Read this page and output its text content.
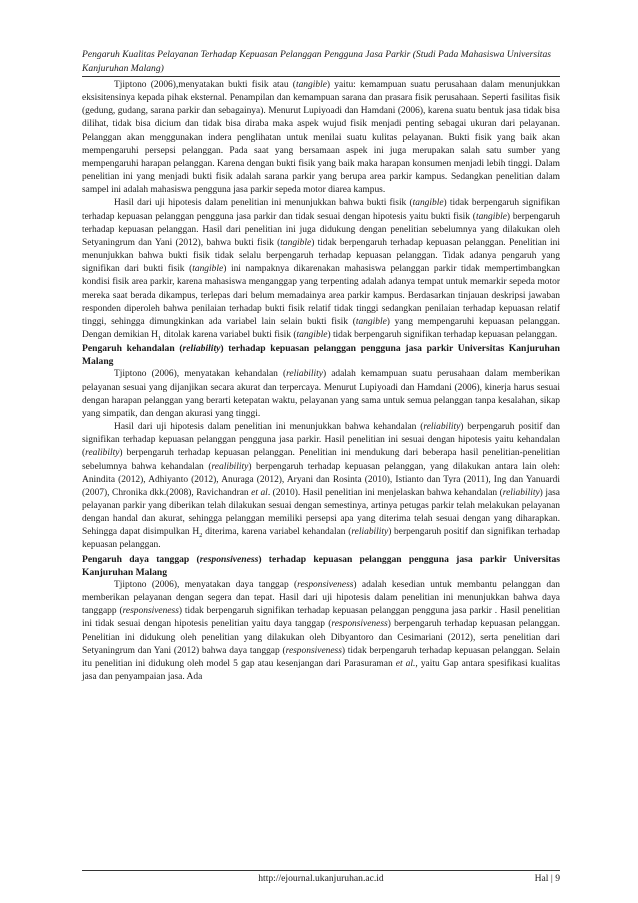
Pengaruh Kualitas Pelayanan Terhadap Kepuasan Pelanggan Pengguna Jasa Parkir (Studi Pada Mahasiswa Universitas Kanjuruhan Malang)

Tjiptono (2006),menyatakan bukti fisik atau (tangible) yaitu: kemampuan suatu perusahaan dalam menunjukkan eksisitensinya kepada pihak eksternal. Penampilan dan kemampuan sarana dan prasara fisik perusahaan. Seperti fasilitas fisik (gedung, gudang, sarana parkir dan sebagainya). Menurut Lupiyoadi dan Hamdani (2006), karena suatu bentuk jasa tidak bisa dilihat, tidak bisa dicium dan tidak bisa diraba maka aspek wujud fisik menjadi penting sebagai ukuran dari pelayanan. Pelanggan akan menggunakan indera penglihatan untuk menilai suatu kulitas pelayanan. Bukti fisik yang baik akan mempengaruhi persepsi pelanggan. Pada saat yang bersamaan aspek ini juga merupakan salah satu sumber yang mempengaruhi harapan pelanggan. Karena dengan bukti fisik yang baik maka harapan konsumen menjadi lebih tinggi. Dalam penelitian ini yang menjadi bukti fisik adalah sarana parkir yang berupa area parkir kampus. Sedangkan penelitian dalam sampel ini adalah mahasiswa pengguna jasa parkir sepeda motor diarea kampus.

Hasil dari uji hipotesis dalam penelitian ini menunjukkan bahwa bukti fisik (tangible) tidak berpengaruh signifikan terhadap kepuasan pelanggan pengguna jasa parkir dan tidak sesuai dengan hipotesis yaitu bukti fisik (tangible) berpengaruh terhadap kepuasan pelanggan. Hasil dari penelitian ini juga didukung dengan penelitian sebelumnya yang dilakukan oleh Setyaningrum dan Yani (2012), bahwa bukti fisik (tangible) tidak berpengaruh terhadap kepuasan pelanggan. Penelitian ini menunjukkan bahwa bukti fisik tidak selalu berpengaruh terhadap kepuasan pelanggan. Tidak adanya pengaruh yang signifikan dari bukti fisik (tangible) ini nampaknya dikarenakan mahasiswa pelanggan parkir tidak mempertimbangkan kondisi fisik area parkir, karena mahasiswa menganggap yang terpenting adalah adanya tempat untuk memarkir sepeda motor mereka saat berada dikampus, terlepas dari belum memadainya area parkir kampus. Berdasarkan tinjauan deskripsi jawaban responden diperoleh bahwa penilaian terhadap bukti fisik relatif tidak tinggi sedangkan penilaian terhadap kepuasan relatif tinggi, sehingga dimungkinkan ada variabel lain selain bukti fisik (tangible) yang mempengaruhi kepuasan pelanggan. Dengan demikian $H_1$ ditolak karena variabel bukti fisik (tangible) tidak berpengaruh signifikan terhadap kepuasan pelanggan.

Pengaruh kehandalan (reliability) terhadap kepuasan pelanggan pengguna jasa parkir Universitas Kanjuruhan Malang

Tjiptono (2006), menyatakan kehandalan (reliability) adalah kemampuan suatu perusahaan dalam memberikan pelayanan sesuai yang dijanjikan secara akurat dan terpercaya. Menurut Lupiyoadi dan Hamdani (2006), kinerja harus sesuai dengan harapan pelanggan yang berarti ketepatan waktu, pelayanan yang sama untuk semua pelanggan tanpa kesalahan, sikap yang simpatik, dan dengan akurasi yang tinggi.

Hasil dari uji hipotesis dalam penelitian ini menunjukkan bahwa kehandalan (reliability) berpengaruh positif dan signifikan terhadap kepuasan pelanggan pengguna jasa parkir. Hasil penelitian ini sesuai dengan hipotesis yaitu kehandalan (realibilty) berpengaruh terhadap kepuasan pelanggan. Penelitian ini mendukung dari beberapa hasil penelitian-penelitian sebelumnya bahwa kehandalan (realibility) berpengaruh terhadap kepuasan pelanggan, yang dilakukan antara lain oleh: Anindita (2012), Adhiyanto (2012), Anuraga (2012), Aryani dan Rosinta (2010), Istianto dan Tyra (2011), Ing dan Yanuardi (2007), Chronika dkk.(2008), Ravichandran et al. (2010). Hasil penelitian ini menjelaskan bahwa kehandalan (reliability) jasa pelayanan parkir yang diberikan telah dilakukan sesuai dengan semestinya, artinya petugas parkir telah melakukan pelayanan dengan handal dan akurat, sehingga pelanggan memiliki persepsi apa yang diterima telah sesuai dengan yang diharapkan. Sehingga dapat disimpulkan $H_2$ diterima, karena variabel kehandalan (reliability) berpengaruh positif dan signifikan terhadap kepuasan pelanggan.

Pengaruh daya tanggap (responsiveness) terhadap kepuasan pelanggan pengguna jasa parkir Universitas Kanjuruhan Malang

Tjiptono (2006), menyatakan daya tanggap (responsiveness) adalah kesedian untuk membantu pelanggan dan memberikan pelayanan dengan segera dan tepat. Hasil dari uji hipotesis dalam penelitian ini menunjukkan bahwa daya tanggapp (responsiveness) tidak berpengaruh signifikan terhadap kepuasan pelanggan pengguna jasa parkir . Hasil penelitian ini tidak sesuai dengan hipotesis penelitian yaitu daya tanggap (responsiveness) berpengaruh terhadap kepuasan pelanggan. Penelitian ini didukung oleh penelitian yang dilakukan oleh Dibyantoro dan Cesimariani (2012), serta penelitian dari Setyaningrum dan Yani (2012) bahwa daya tanggap (responsiveness) tidak berpengaruh terhadap kepuasan pelanggan. Selain itu penelitian ini didukung oleh model 5 gap atau kesenjangan dari Parasuraman et al., yaitu Gap antara spesifikasi kualitas jasa dan penyampaian jasa. Ada

http://ejournal.ukanjuruhan.ac.id	Hal | 9
